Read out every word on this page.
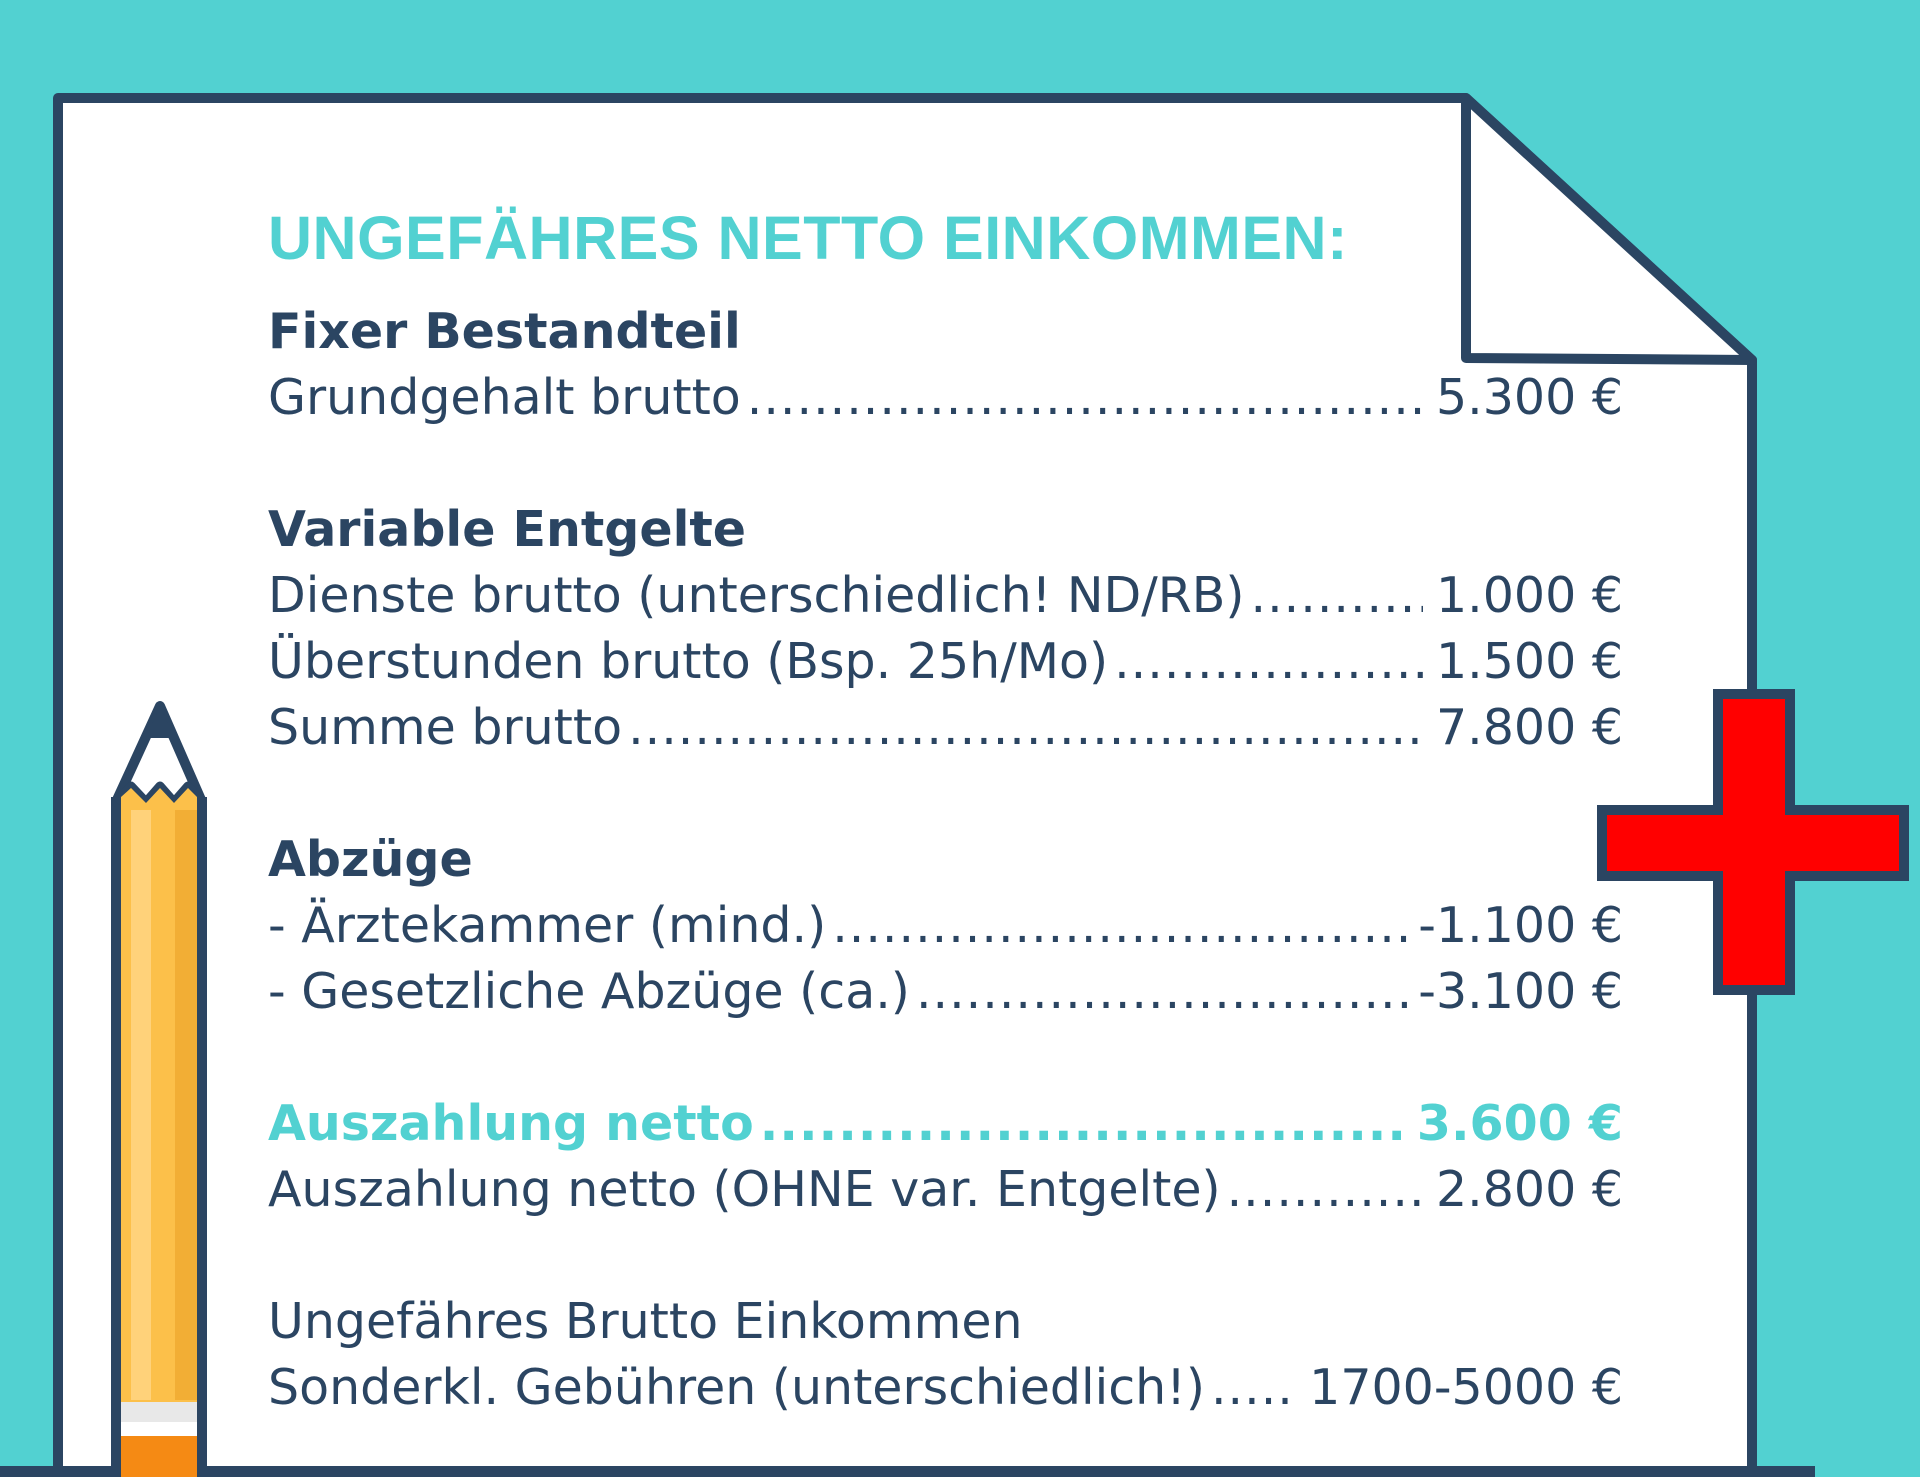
UNGEFÄHRES NETTO EINKOMMEN:
Fixer Bestandteil
Grundgehalt brutto .....	5.300 €
Variable Entgelte
Dienste brutto (unterschiedlich! ND/RB) .....	1.000 €
Überstunden brutto (Bsp. 25h/Mo) .....	1.500 €
Summe brutto .....	7.800 €
Abzüge
- Ärztekammer (mind.) .....	-1.100 €
- Gesetzliche Abzüge (ca.) .....	-3.100 €
Auszahlung netto .....	3.600 €
Auszahlung netto (OHNE var. Entgelte) .....	2.800 €
Ungefähres Brutto Einkommen
Sonderkl. Gebühren (unterschiedlich!) ..... 1700-5000 €
